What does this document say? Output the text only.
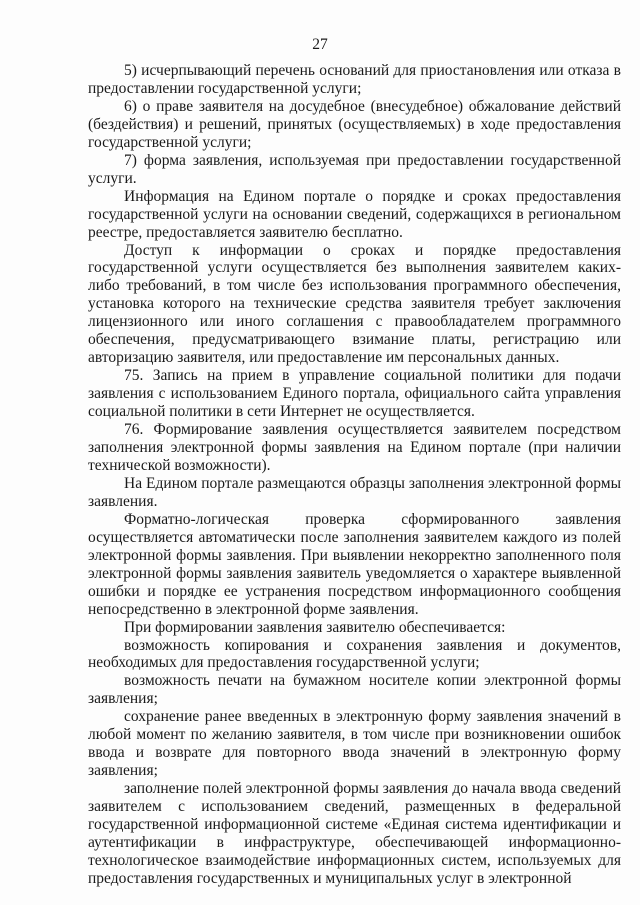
27

5) исчерпывающий перечень оснований для приостановления или отказа в предоставлении государственной услуги;

6) о праве заявителя на досудебное (внесудебное) обжалование действий (бездействия) и решений, принятых (осуществляемых) в ходе предоставления государственной услуги;

7) форма заявления, используемая при предоставлении государственной услуги.

Информация на Едином портале о порядке и сроках предоставления государственной услуги на основании сведений, содержащихся в региональном реестре, предоставляется заявителю бесплатно.

Доступ к информации о сроках и порядке предоставления государственной услуги осуществляется без выполнения заявителем каких-либо требований, в том числе без использования программного обеспечения, установка которого на технические средства заявителя требует заключения лицензионного или иного соглашения с правообладателем программного обеспечения, предусматривающего взимание платы, регистрацию или авторизацию заявителя, или предоставление им персональных данных.

75. Запись на прием в управление социальной политики для подачи заявления с использованием Единого портала, официального сайта управления социальной политики в сети Интернет не осуществляется.

76. Формирование заявления осуществляется заявителем посредством заполнения электронной формы заявления на Едином портале (при наличии технической возможности).

На Едином портале размещаются образцы заполнения электронной формы заявления.

Форматно-логическая проверка сформированного заявления осуществляется автоматически после заполнения заявителем каждого из полей электронной формы заявления. При выявлении некорректно заполненного поля электронной формы заявления заявитель уведомляется о характере выявленной ошибки и порядке ее устранения посредством информационного сообщения непосредственно в электронной форме заявления.

При формировании заявления заявителю обеспечивается:

возможность копирования и сохранения заявления и документов, необходимых для предоставления государственной услуги;

возможность печати на бумажном носителе копии электронной формы заявления;

сохранение ранее введенных в электронную форму заявления значений в любой момент по желанию заявителя, в том числе при возникновении ошибок ввода и возврате для повторного ввода значений в электронную форму заявления;

заполнение полей электронной формы заявления до начала ввода сведений заявителем с использованием сведений, размещенных в федеральной государственной информационной системе «Единая система идентификации и аутентификации в инфраструктуре, обеспечивающей информационно-технологическое взаимодействие информационных систем, используемых для предоставления государственных и муниципальных услуг в электронной
